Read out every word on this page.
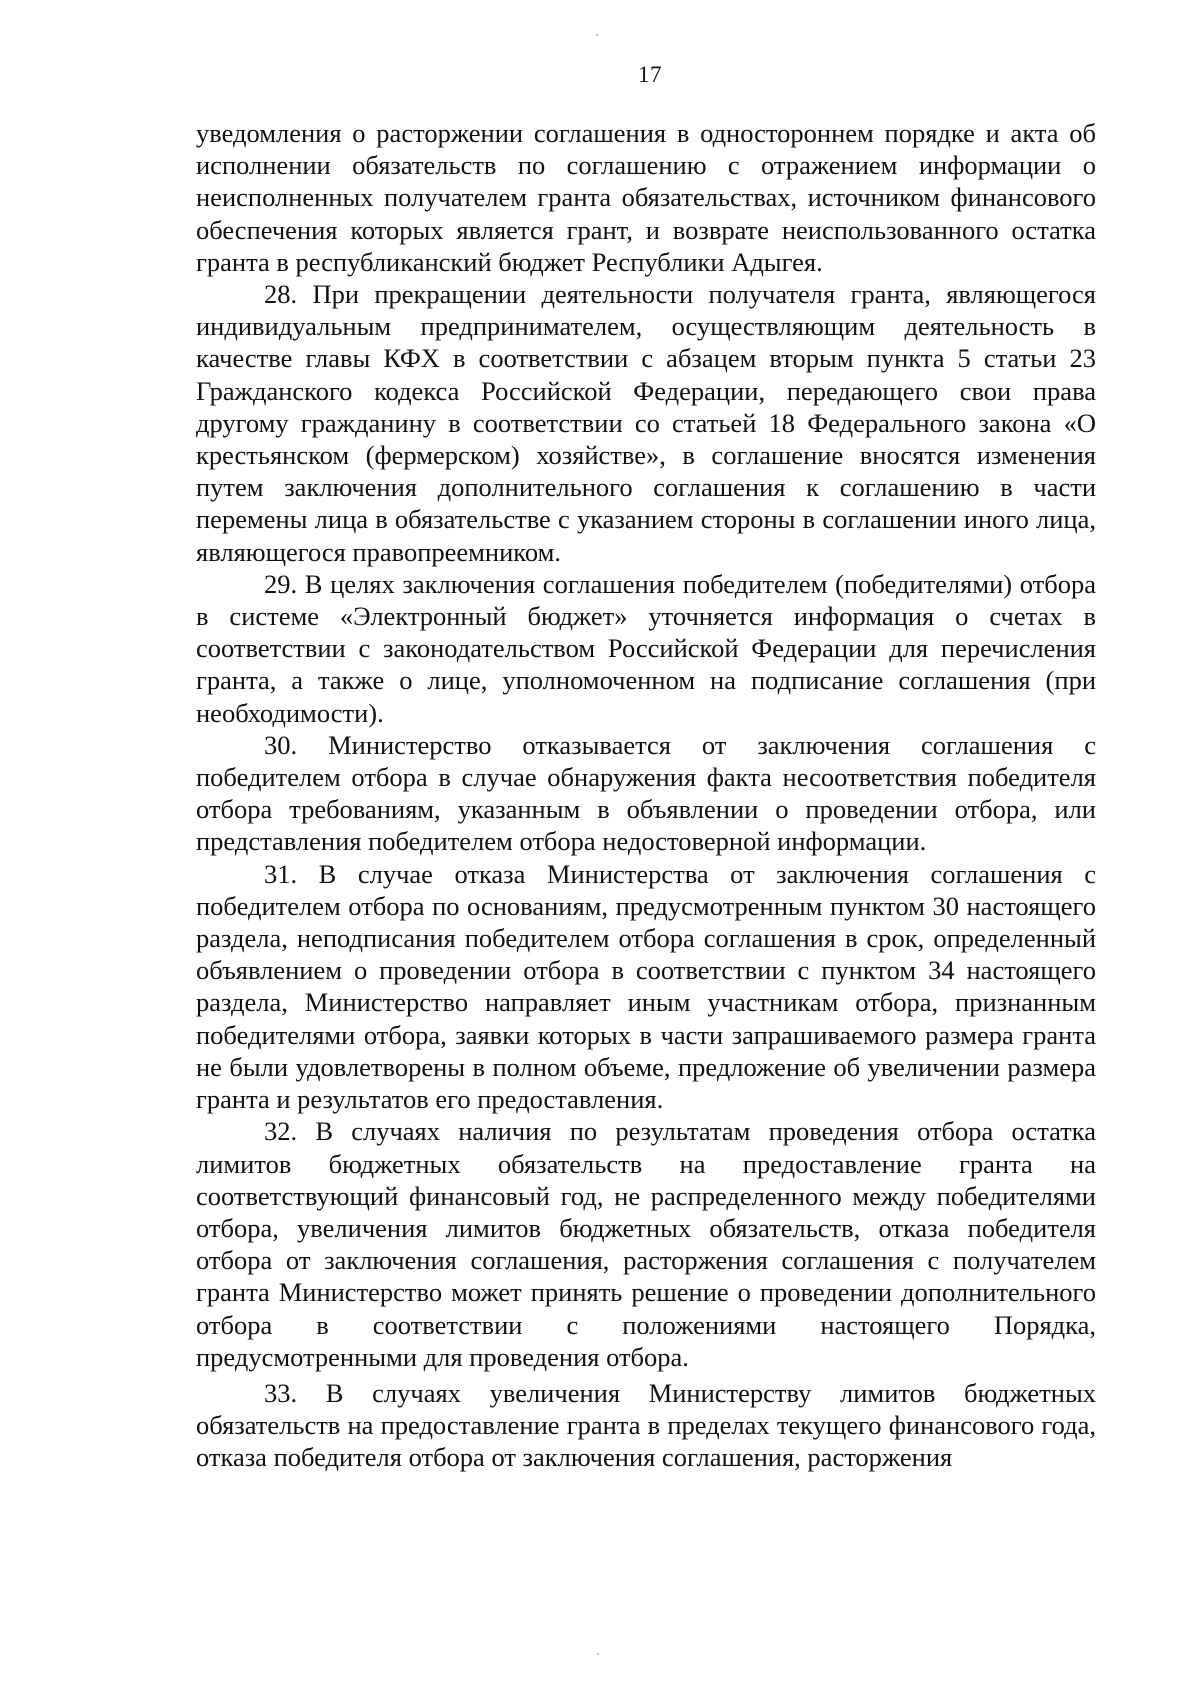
17

уведомления о расторжении соглашения в одностороннем порядке и акта об исполнении обязательств по соглашению с отражением информации о неисполненных получателем гранта обязательствах, источником финансового обеспечения которых является грант, и возврате неиспользованного остатка гранта в республиканский бюджет Республики Адыгея.

28. При прекращении деятельности получателя гранта, являющегося индивидуальным предпринимателем, осуществляющим деятельность в качестве главы КФХ в соответствии с абзацем вторым пункта 5 статьи 23 Гражданского кодекса Российской Федерации, передающего свои права другому гражданину в соответствии со статьей 18 Федерального закона «О крестьянском (фермерском) хозяйстве», в соглашение вносятся изменения путем заключения дополнительного соглашения к соглашению в части перемены лица в обязательстве с указанием стороны в соглашении иного лица, являющегося правопреемником.

29. В целях заключения соглашения победителем (победителями) отбора в системе «Электронный бюджет» уточняется информация о счетах в соответствии с законодательством Российской Федерации для перечисления гранта, а также о лице, уполномоченном на подписание соглашения (при необходимости).

30. Министерство отказывается от заключения соглашения с победителем отбора в случае обнаружения факта несоответствия победителя отбора требованиям, указанным в объявлении о проведении отбора, или представления победителем отбора недостоверной информации.

31. В случае отказа Министерства от заключения соглашения с победителем отбора по основаниям, предусмотренным пунктом 30 настоящего раздела, неподписания победителем отбора соглашения в срок, определенный объявлением о проведении отбора в соответствии с пунктом 34 настоящего раздела, Министерство направляет иным участникам отбора, признанным победителями отбора, заявки которых в части запрашиваемого размера гранта не были удовлетворены в полном объеме, предложение об увеличении размера гранта и результатов его предоставления.

32. В случаях наличия по результатам проведения отбора остатка лимитов бюджетных обязательств на предоставление гранта на соответствующий финансовый год, не распределенного между победителями отбора, увеличения лимитов бюджетных обязательств, отказа победителя отбора от заключения соглашения, расторжения соглашения с получателем гранта Министерство может принять решение о проведении дополнительного отбора в соответствии с положениями настоящего Порядка, предусмотренными для проведения отбора.

33. В случаях увеличения Министерству лимитов бюджетных обязательств на предоставление гранта в пределах текущего финансового года, отказа победителя отбора от заключения соглашения, расторжения
